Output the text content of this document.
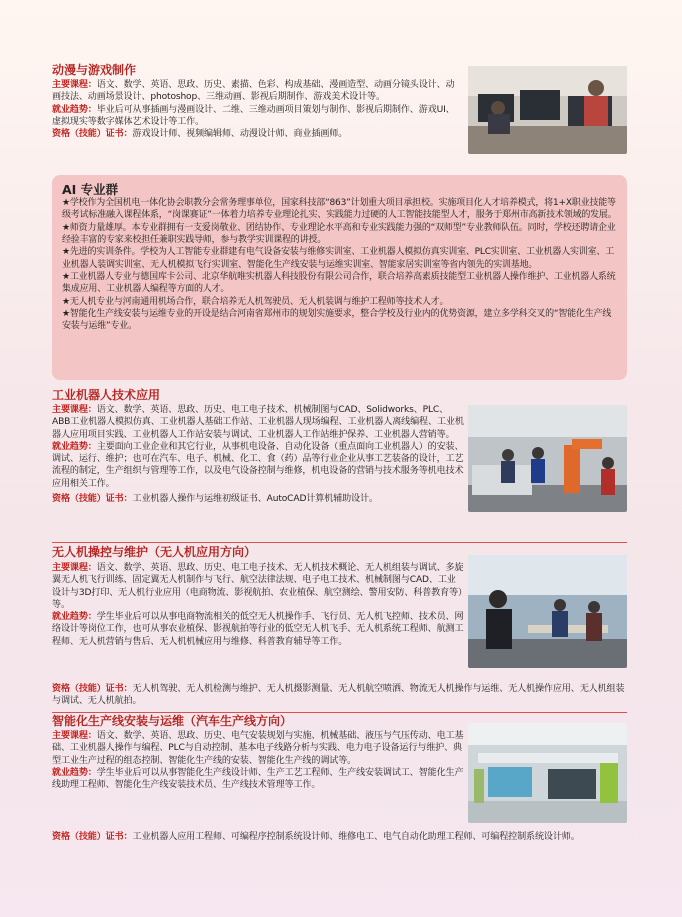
动漫与游戏制作

主要课程：语文、数学、英语、思政、历史、素描、色彩、构成基础、漫画造型、动画分镜头设计、动画技法、动画场景设计、photoshop、三维动画、影视后期制作、游戏美术设计等。

就业趋势：毕业后可从事插画与漫画设计、二维、三维动画项目策划与制作、影视后期制作、游戏UI、虚拟现实等数字媒体艺术设计等工作。

资格（技能）证书：游戏设计师、视频编辑师、动漫设计师、商业插画师。

AI 专业群

★学校作为全国机电一体化协会职教分会常务理事单位，国家科技部“863”计划重大项目承担校。实施项目化人才培养模式，将1+X职业技能等级考试标准融入课程体系，“岗课赛证”一体着力培养专业理论扎实、实践能力过硬的人工智能技能型人才，服务于郑州市高新技术领域的发展。

★师资力量雄厚。本专业群拥有一支爱岗敬业、团结协作、专业理论水平高和专业实践能力强的“双师型”专业教师队伍。同时，学校还聘请企业经验丰富的专家来校担任兼职实践导师，参与教学实训课程的讲授。

★先进的实训条件。学校为人工智能专业群建有电气设备安装与维修实训室、工业机器人模拟仿真实训室、PLC实训室、工业机器人实训室、工业机器人装调实训室、无人机模拟飞行实训室、智能化生产线安装与运维实训室、智能家居实训室等省内领先的实训基地。

★工业机器人专业与德国库卡公司、北京华航唯实机器人科技股份有限公司合作，联合培养高素质技能型工业机器人操作维护、工业机器人系统集成应用、工业机器人编程等方面的人才。

★无人机专业与河南通用机场合作，联合培养无人机驾驶员、无人机装调与维护工程师等技术人才。

★智能化生产线安装与运维专业的开设是结合河南省郑州市的规划实施要求，整合学校及行业内的优势资源，建立多学科交叉的“智能化生产线安装与运维”专业。

工业机器人技术应用

主要课程：语文、数学、英语、思政、历史、电工电子技术、机械制图与CAD、Solidworks、PLC、ABB工业机器人模拟仿真、工业机器人基础工作站、工业机器人现场编程、工业机器人离线编程、工业机器人应用项目实践、工业机器人工作站安装与调试、工业机器人工作站维护保养、工业机器人营销等。

就业趋势：主要面向工业企业和其它行业，从事机电设备、自动化设备（重点面向工业机器人）的安装、调试、运行、维护；也可在汽车、电子、机械、化工、食（药）品等行业企业从事工艺装备的设计，工艺流程的制定，生产组织与管理等工作，以及电气设备控制与维修，机电设备的营销与技术服务等机电技术应用相关工作。

资格（技能）证书：工业机器人操作与运维初级证书、AutoCAD计算机辅助设计。

无人机操控与维护（无人机应用方向）

主要课程：语文、数学、英语、思政、历史、电工电子技术、无人机技术概论、无人机组装与调试、多旋翼无人机飞行训练、固定翼无人机制作与飞行、航空法律法规、电子电工技术、机械制图与CAD、工业设计与3D打印、无人机行业应用（电商物流、影视航拍、农业植保、航空测绘、警用安防、科普教育等）等。

就业趋势：学生毕业后可以从事电商物流相关的低空无人机操作手、飞行员、无人机飞控师、技术员、网络设计等岗位工作，也可从事农业植保、影视航拍等行业的低空无人机飞手、无人机系统工程师、航测工程师、无人机营销与售后、无人机机械应用与维修、科普教育辅导等工作。

资格（技能）证书：无人机驾驶、无人机检测与维护、无人机摄影测量、无人机航空喷洒、物流无人机操作与运维、无人机操作应用、无人机组装与调试、无人机航拍。

智能化生产线安装与运维（汽车生产线方向）

主要课程：语文、数学、英语、思政、历史、电气安装规划与实施、机械基础、液压与气压传动、电工基础、工业机器人操作与编程、PLC与自动控制、基本电子线路分析与实践、电力电子设备运行与维护、典型工业生产过程的组态控制、智能化生产线的安装、智能化生产线的调试等。

就业趋势：学生毕业后可以从事智能化生产线设计师、生产工艺工程师、生产线安装调试工、智能化生产线助理工程师、智能化生产线安装技术员、生产线技术管理等工作。

资格（技能）证书：工业机器人应用工程师、可编程序控制系统设计师、维修电工、电气自动化助理工程师、可编程控制系统设计师。
